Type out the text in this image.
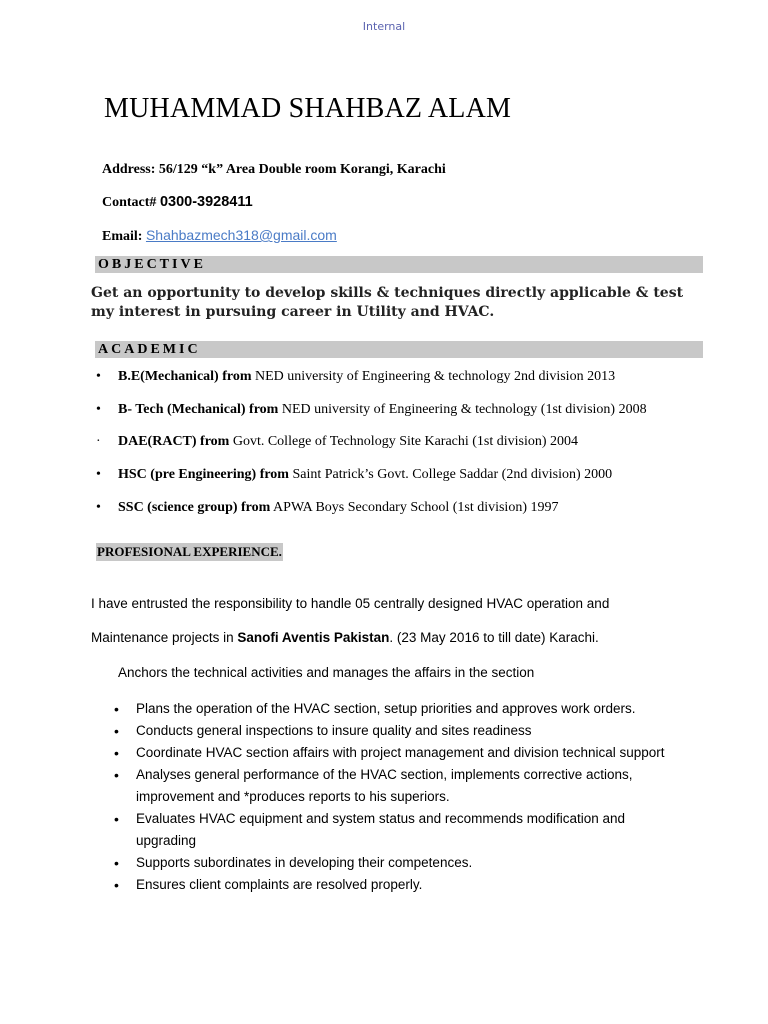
Internal
MUHAMMAD SHAHBAZ ALAM
Address: 56/129 “k” Area Double room Korangi, Karachi
Contact# 0300-3928411
Email: Shahbazmech318@gmail.com
OBJECTIVE
Get an opportunity to develop skills & techniques directly applicable & test my interest in pursuing career in Utility and HVAC.
ACADEMIC
• B.E(Mechanical) from NED university of Engineering & technology 2nd division 2013
• B- Tech (Mechanical) from NED university of Engineering & technology (1st division) 2008
· DAE(RACT) from Govt. College of Technology Site Karachi (1st division) 2004
• HSC (pre Engineering) from Saint Patrick’s Govt. College Saddar (2nd division) 2000
• SSC (science group) from APWA Boys Secondary School (1st division) 1997
PROFESIONAL EXPERIENCE.
I have entrusted the responsibility to handle 05 centrally designed HVAC operation and
Maintenance projects in Sanofi Aventis Pakistan. (23 May 2016 to till date) Karachi.
Anchors the technical activities and manages the affairs in the section
• Plans the operation of the HVAC section, setup priorities and approves work orders.
• Conducts general inspections to insure quality and sites readiness
• Coordinate HVAC section affairs with project management and division technical support
• Analyses general performance of the HVAC section, implements corrective actions, improvement and *produces reports to his superiors.
• Evaluates HVAC equipment and system status and recommends modification and upgrading
• Supports subordinates in developing their competences.
• Ensures client complaints are resolved properly.
